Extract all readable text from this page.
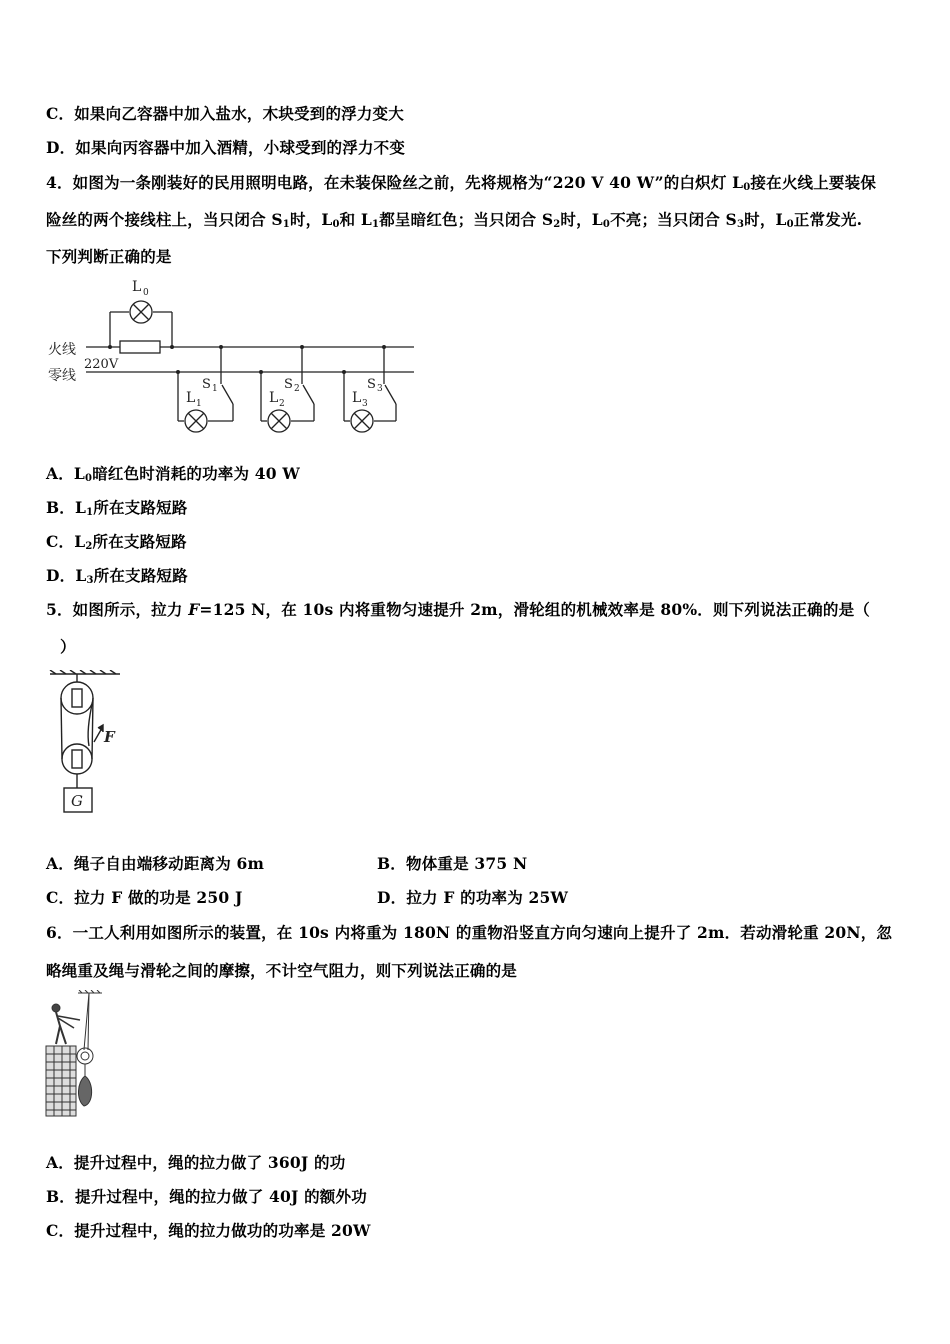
C．如果向乙容器中加入盐水，木块受到的浮力变大
D．如果向丙容器中加入酒精，小球受到的浮力不变
4．如图为一条刚装好的民用照明电路，在未装保险丝之前，先将规格为“220 V 40 W”的白炽灯 $L_0$接在火线上要装保
险丝的两个接线柱上，当只闭合 $S_1$时，$L_0$和 $L_1$都呈暗红色；当只闭合 $S_2$时，$L_0$不亮；当只闭合 $S_3$时，$L_0$正常发光.
下列判断正确的是
L 0
火线
零线
220V
S 1	S 2	S 3
L 1	L 2	L 3
A．$L_0$暗红色时消耗的功率为 40 W
B．$L_1$所在支路短路
C．$L_2$所在支路短路
D．$L_3$所在支路短路
5．如图所示，拉力 F=125 N，在 10s 内将重物匀速提升 2m，滑轮组的机械效率是 80%．则下列说法正确的是（
）
F
G
A．绳子自由端移动距离为 6m	B．物体重是 375 N
C．拉力 F 做的功是 250 J	D．拉力 F 的功率为 25W
6．一工人利用如图所示的装置，在 10s 内将重为 180N 的重物沿竖直方向匀速向上提升了 2m．若动滑轮重 20N，忽
略绳重及绳与滑轮之间的摩擦，不计空气阻力，则下列说法正确的是
A．提升过程中，绳的拉力做了 360J 的功
B．提升过程中，绳的拉力做了 40J 的额外功
C．提升过程中，绳的拉力做功的功率是 20W
